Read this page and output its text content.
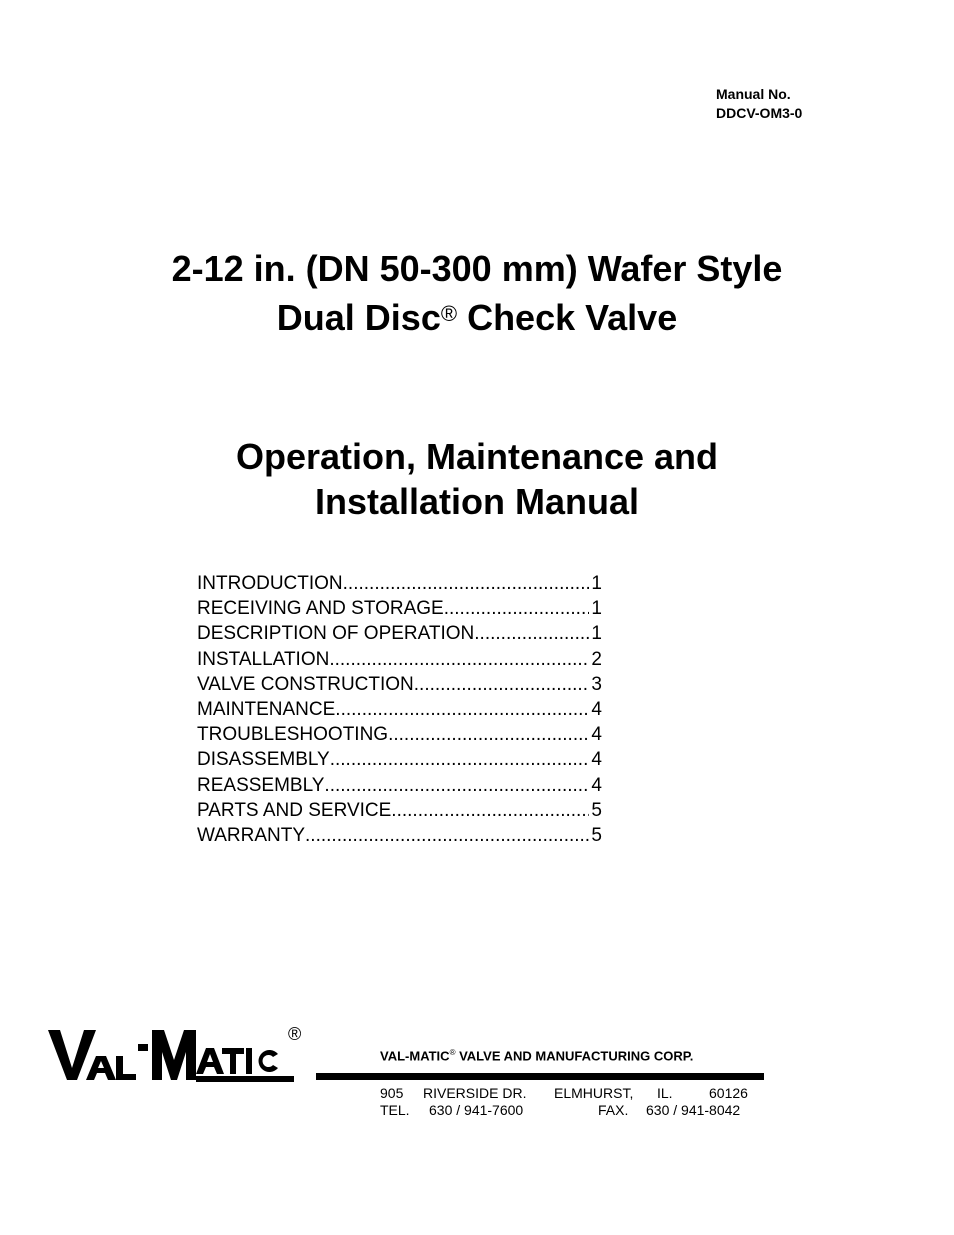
Manual No.
DDCV-OM3-0
2-12 in. (DN 50-300 mm) Wafer Style
Dual Disc® Check Valve
Operation, Maintenance and
Installation Manual
INTRODUCTION .....	1
RECEIVING AND STORAGE .....	1
DESCRIPTION OF OPERATION .....	1
INSTALLATION .....	2
VALVE CONSTRUCTION .....	3
MAINTENANCE .....	4
TROUBLESHOOTING .....	4
DISASSEMBLY .....	4
REASSEMBLY .....	4
PARTS AND SERVICE .....	5
WARRANTY .....	5
®
VAL-MATIC® VALVE AND MANUFACTURING CORP.
905 RIVERSIDE DR. ELMHURST, IL.	60126
TEL. 630 / 941-7600	FAX. 630 / 941-8042
